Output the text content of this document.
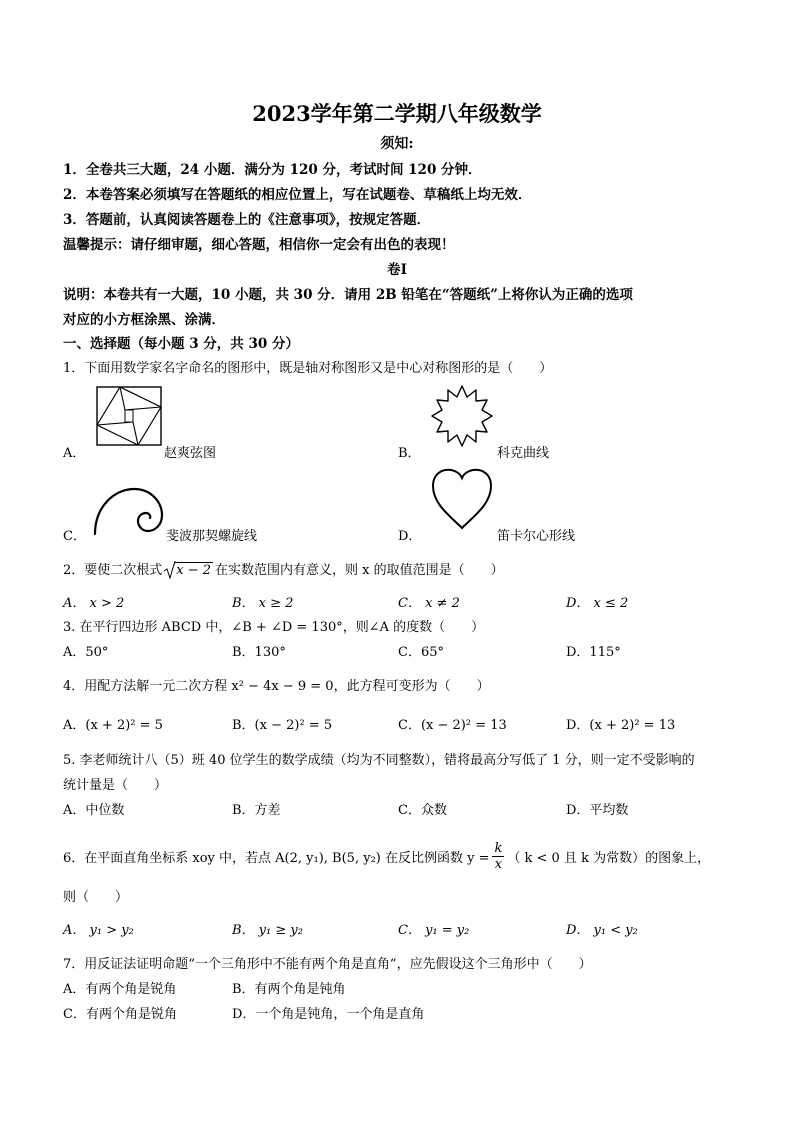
2023学年第二学期八年级数学
须知:
1．全卷共三大题，24 小题．满分为 120 分，考试时间 120 分钟．
2．本卷答案必须填写在答题纸的相应位置上，写在试题卷、草稿纸上均无效．
3．答题前，认真阅读答题卷上的《注意事项》，按规定答题．
温馨提示：请仔细审题，细心答题，相信你一定会有出色的表现！
卷Ⅰ
说明：本卷共有一大题，10 小题，共 30 分．请用 2B 铅笔在“答题纸”上将你认为正确的选项
对应的小方框涂黑、涂满．
一、选择题（每小题 3 分，共 30 分）
1．下面用数学家名字命名的图形中，既是轴对称图形又是中心对称图形的是（　　）
A．	赵爽弦图	B．	科克曲线
C．	斐波那契螺旋线	D．	笛卡尔心形线
2．要使二次根式 x − 2 在实数范围内有意义，则 x 的取值范围是（　　）
A． x > 2	B． x ≥ 2	C． x ≠ 2	D． x ≤ 2
3. 在平行四边形 ABCD 中，∠B + ∠D = 130°，则∠A 的度数（　　）
A．50°	B．130°	C．65°	D．115°
4．用配方法解一元二次方程 x² − 4x − 9 = 0，此方程可变形为（　　）
A．(x + 2)² = 5	B．(x − 2)² = 5	C．(x − 2)² = 13	D．(x + 2)² = 13
5. 李老师统计八（5）班 40 位学生的数学成绩（均为不同整数），错将最高分写低了 1 分，则一定不受影响的
统计量是（　　）
A．中位数	B．方差	C．众数	D．平均数
6．在平面直角坐标系 xoy 中，若点 A(2, y₁), B(5, y₂) 在反比例函数 $y = \frac{k}{x}$ （ k < 0 且 k 为常数）的图象上，
则（　　）
A． y₁ > y₂	B． y₁ ≥ y₂	C． y₁ = y₂	D． y₁ < y₂
7．用反证法证明命题“一个三角形中不能有两个角是直角”，应先假设这个三角形中（　　）
A．有两个角是锐角	B．有两个角是钝角
C．有两个角是锐角	D．一个角是钝角，一个角是直角
